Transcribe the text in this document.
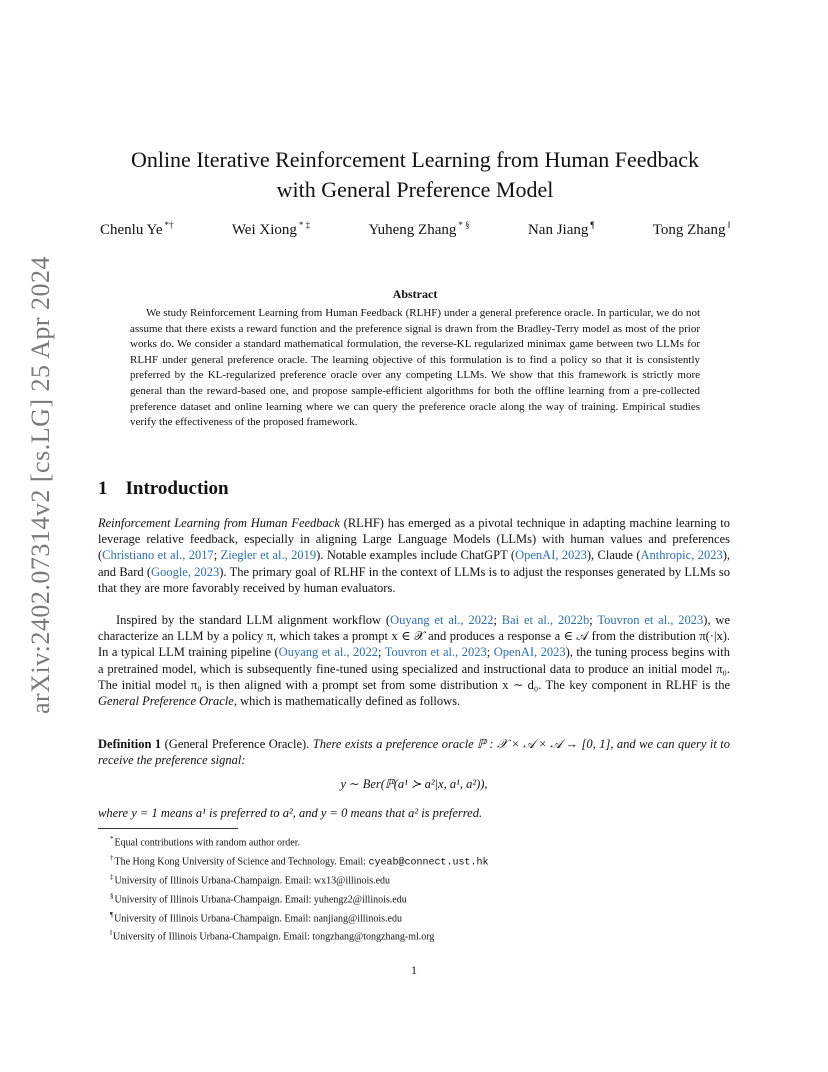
arXiv:2402.07314v2 [cs.LG] 25 Apr 2024
Online Iterative Reinforcement Learning from Human Feedback
with General Preference Model
Chenlu Ye *†	Wei Xiong * ‡	Yuheng Zhang * §	Nan Jiang ¶	Tong Zhang ‖
Abstract
We study Reinforcement Learning from Human Feedback (RLHF) under a general preference oracle. In particular, we do not assume that there exists a reward function and the preference signal is drawn from the Bradley-Terry model as most of the prior works do. We consider a standard mathematical formulation, the reverse-KL regularized minimax game between two LLMs for RLHF under general preference oracle. The learning objective of this formulation is to find a policy so that it is consistently preferred by the KL-regularized preference oracle over any competing LLMs. We show that this framework is strictly more general than the reward-based one, and propose sample-efficient algorithms for both the offline learning from a pre-collected preference dataset and online learning where we can query the preference oracle along the way of training. Empirical studies verify the effectiveness of the proposed framework.
1 Introduction
Reinforcement Learning from Human Feedback (RLHF) has emerged as a pivotal technique in adapting machine learning to leverage relative feedback, especially in aligning Large Language Models (LLMs) with human values and preferences (Christiano et al., 2017; Ziegler et al., 2019). Notable examples include ChatGPT (OpenAI, 2023), Claude (Anthropic, 2023), and Bard (Google, 2023). The primary goal of RLHF in the context of LLMs is to adjust the responses generated by LLMs so that they are more favorably received by human evaluators.
Inspired by the standard LLM alignment workflow (Ouyang et al., 2022; Bai et al., 2022b; Touvron et al., 2023), we characterize an LLM by a policy π, which takes a prompt x ∈ 𝒳 and produces a response a ∈ 𝒜 from the distribution π(·|x). In a typical LLM training pipeline (Ouyang et al., 2022; Touvron et al., 2023; OpenAI, 2023), the tuning process begins with a pretrained model, which is subsequently fine-tuned using specialized and instructional data to produce an initial model π₀. The initial model π₀ is then aligned with a prompt set from some distribution x ∼ d₀. The key component in RLHF is the General Preference Oracle, which is mathematically defined as follows.
Definition 1 (General Preference Oracle). There exists a preference oracle ℙ : 𝒳 × 𝒜 × 𝒜 → [0, 1], and we can query it to receive the preference signal:
y ∼ Ber(ℙ(a¹ ≻ a²|x, a¹, a²)),
where y = 1 means a¹ is preferred to a², and y = 0 means that a² is preferred.
*Equal contributions with random author order.
†The Hong Kong University of Science and Technology. Email: cyeab@connect.ust.hk
‡University of Illinois Urbana-Champaign. Email: wx13@illinois.edu
§University of Illinois Urbana-Champaign. Email: yuhengz2@illinois.edu
¶University of Illinois Urbana-Champaign. Email: nanjiang@illinois.edu
‖University of Illinois Urbana-Champaign. Email: tongzhang@tongzhang-ml.org
1
